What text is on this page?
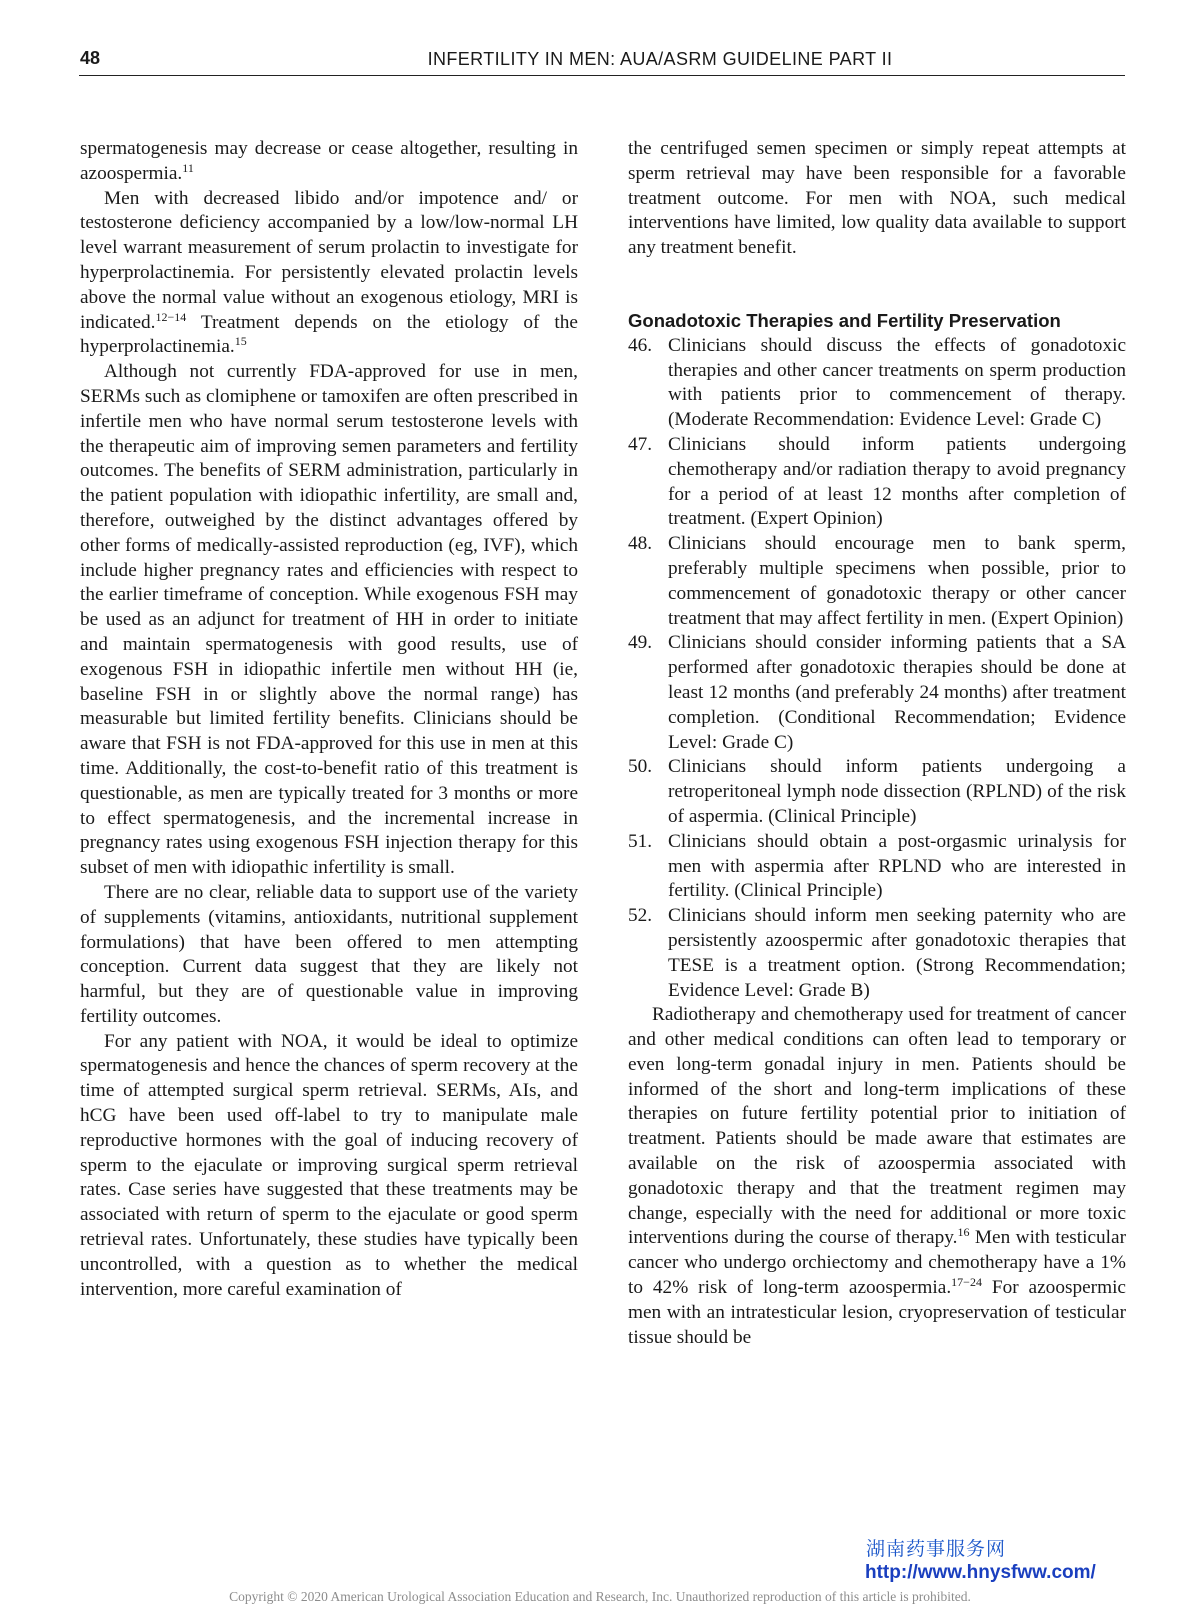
48	INFERTILITY IN MEN: AUA/ASRM GUIDELINE PART II

spermatogenesis may decrease or cease altogether, resulting in azoospermia.$^{11}$

Men with decreased libido and/or impotence and/ or testosterone deficiency accompanied by a low/low-normal LH level warrant measurement of serum prolactin to investigate for hyperprolactinemia. For persistently elevated prolactin levels above the normal value without an exogenous etiology, MRI is indicated.$^{12-14}$ Treatment depends on the etiology of the hyperprolactinemia.$^{15}$

Although not currently FDA-approved for use in men, SERMs such as clomiphene or tamoxifen are often prescribed in infertile men who have normal serum testosterone levels with the therapeutic aim of improving semen parameters and fertility outcomes. The benefits of SERM administration, particularly in the patient population with idiopathic infertility, are small and, therefore, outweighed by the distinct advantages offered by other forms of medically-assisted reproduction (eg, IVF), which include higher pregnancy rates and efficiencies with respect to the earlier timeframe of conception. While exogenous FSH may be used as an adjunct for treatment of HH in order to initiate and maintain spermatogenesis with good results, use of exogenous FSH in idiopathic infertile men without HH (ie, baseline FSH in or slightly above the normal range) has measurable but limited fertility benefits. Clinicians should be aware that FSH is not FDA-approved for this use in men at this time. Additionally, the cost-to-benefit ratio of this treatment is questionable, as men are typically treated for 3 months or more to effect spermatogenesis, and the incremental increase in pregnancy rates using exogenous FSH injection therapy for this subset of men with idiopathic infertility is small.

There are no clear, reliable data to support use of the variety of supplements (vitamins, antioxidants, nutritional supplement formulations) that have been offered to men attempting conception. Current data suggest that they are likely not harmful, but they are of questionable value in improving fertility outcomes.

For any patient with NOA, it would be ideal to optimize spermatogenesis and hence the chances of sperm recovery at the time of attempted surgical sperm retrieval. SERMs, AIs, and hCG have been used off-label to try to manipulate male reproductive hormones with the goal of inducing recovery of sperm to the ejaculate or improving surgical sperm retrieval rates. Case series have suggested that these treatments may be associated with return of sperm to the ejaculate or good sperm retrieval rates. Unfortunately, these studies have typically been uncontrolled, with a question as to whether the medical intervention, more careful examination of

the centrifuged semen specimen or simply repeat attempts at sperm retrieval may have been responsible for a favorable treatment outcome. For men with NOA, such medical interventions have limited, low quality data available to support any treatment benefit.

Gonadotoxic Therapies and Fertility Preservation
46. Clinicians should discuss the effects of gonadotoxic therapies and other cancer treatments on sperm production with patients prior to commencement of therapy. (Moderate Recommendation: Evidence Level: Grade C)
47. Clinicians should inform patients undergoing chemotherapy and/or radiation therapy to avoid pregnancy for a period of at least 12 months after completion of treatment. (Expert Opinion)
48. Clinicians should encourage men to bank sperm, preferably multiple specimens when possible, prior to commencement of gonadotoxic therapy or other cancer treatment that may affect fertility in men. (Expert Opinion)
49. Clinicians should consider informing patients that a SA performed after gonadotoxic therapies should be done at least 12 months (and preferably 24 months) after treatment completion. (Conditional Recommendation; Evidence Level: Grade C)
50. Clinicians should inform patients undergoing a retroperitoneal lymph node dissection (RPLND) of the risk of aspermia. (Clinical Principle)
51. Clinicians should obtain a post-orgasmic urinalysis for men with aspermia after RPLND who are interested in fertility. (Clinical Principle)
52. Clinicians should inform men seeking paternity who are persistently azoospermic after gonadotoxic therapies that TESE is a treatment option. (Strong Recommendation; Evidence Level: Grade B)

Radiotherapy and chemotherapy used for treatment of cancer and other medical conditions can often lead to temporary or even long-term gonadal injury in men. Patients should be informed of the short and long-term implications of these therapies on future fertility potential prior to initiation of treatment. Patients should be made aware that estimates are available on the risk of azoospermia associated with gonadotoxic therapy and that the treatment regimen may change, especially with the need for additional or more toxic interventions during the course of therapy.$^{16}$ Men with testicular cancer who undergo orchiectomy and chemotherapy have a 1% to 42% risk of long-term azoospermia.$^{17-24}$ For azoospermic men with an intratesticular lesion, cryopreservation of testicular tissue should be

湖南药事服务网
http://www.hnysfww.com/
Copyright © 2020 American Urological Association Education and Research, Inc. Unauthorized reproduction of this article is prohibited.
